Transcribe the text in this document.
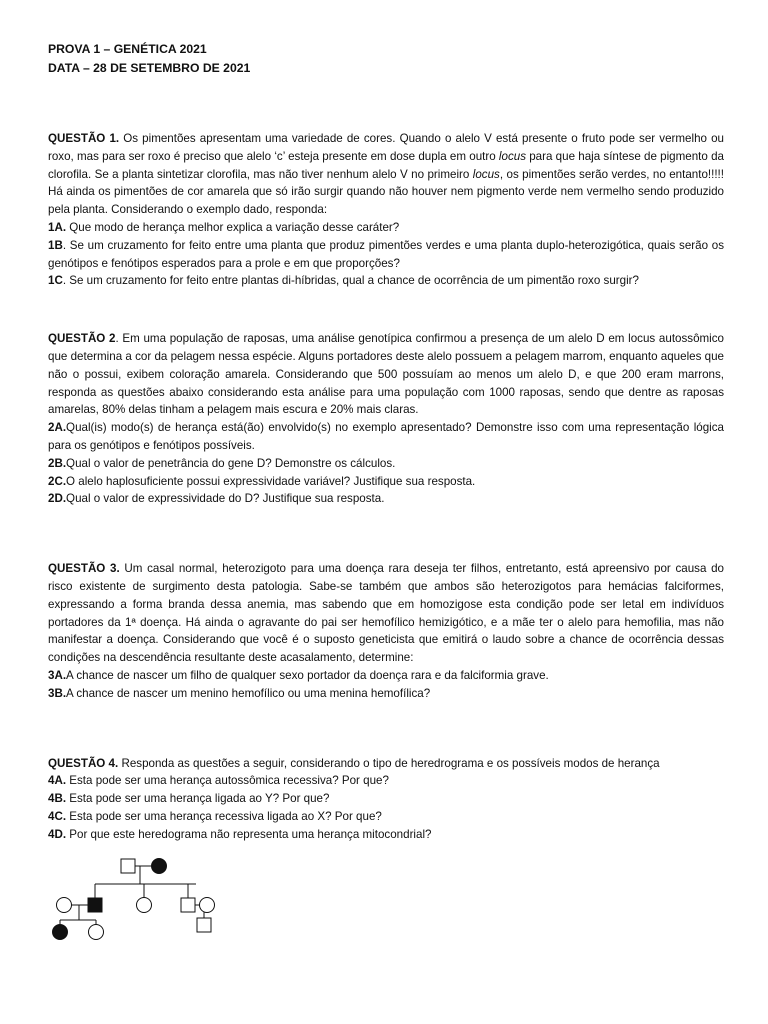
PROVA 1 – GENÉTICA 2021

DATA – 28 DE SETEMBRO DE 2021

QUESTÃO 1. Os pimentões apresentam uma variedade de cores. Quando o alelo V está presente o fruto pode ser vermelho ou roxo, mas para ser roxo é preciso que alelo ‘c’ esteja presente em dose dupla em outro locus para que haja síntese de pigmento da clorofila. Se a planta sintetizar clorofila, mas não tiver nenhum alelo V no primeiro locus, os pimentões serão verdes, no entanto!!!!! Há ainda os pimentões de cor amarela que só irão surgir quando não houver nem pigmento verde nem vermelho sendo produzido pela planta. Considerando o exemplo dado, responda:

1A. Que modo de herança melhor explica a variação desse caráter?

1B. Se um cruzamento for feito entre uma planta que produz pimentões verdes e uma planta duplo-heterozigótica, quais serão os genótipos e fenótipos esperados para a prole e em que proporções?

1C. Se um cruzamento for feito entre plantas di-híbridas, qual a chance de ocorrência de um pimentão roxo surgir?

QUESTÃO 2. Em uma população de raposas, uma análise genotípica confirmou a presença de um alelo D em locus autossômico que determina a cor da pelagem nessa espécie. Alguns portadores deste alelo possuem a pelagem marrom, enquanto aqueles que não o possui, exibem coloração amarela. Considerando que 500 possuíam ao menos um alelo D, e que 200 eram marrons, responda as questões abaixo considerando esta análise para uma população com 1000 raposas, sendo que dentre as raposas amarelas, 80% delas tinham a pelagem mais escura e 20% mais claras.

2A.Qual(is) modo(s) de herança está(ão) envolvido(s) no exemplo apresentado? Demonstre isso com uma representação lógica para os genótipos e fenótipos possíveis.

2B.Qual o valor de penetrância do gene D? Demonstre os cálculos.

2C.O alelo haplosuficiente possui expressividade variável? Justifique sua resposta.

2D.Qual o valor de expressividade do D? Justifique sua resposta.

QUESTÃO 3. Um casal normal, heterozigoto para uma doença rara deseja ter filhos, entretanto, está apreensivo por causa do risco existente de surgimento desta patologia. Sabe-se também que ambos são heterozigotos para hemácias falciformes, expressando a forma branda dessa anemia, mas sabendo que em homozigose esta condição pode ser letal em indivíduos portadores da 1ª doença. Há ainda o agravante do pai ser hemofílico hemizigótico, e a mãe ter o alelo para hemofilia, mas não manifestar a doença. Considerando que você é o suposto geneticista que emitirá o laudo sobre a chance de ocorrência dessas condições na descendência resultante deste acasalamento, determine:

3A.A chance de nascer um filho de qualquer sexo portador da doença rara e da falciformia grave.

3B.A chance de nascer um menino hemofílico ou uma menina hemofílica?

QUESTÃO 4. Responda as questões a seguir, considerando o tipo de heredrograma e os possíveis modos de herança

4A. Esta pode ser uma herança autossômica recessiva? Por que?

4B. Esta pode ser uma herança ligada ao Y? Por que?

4C. Esta pode ser uma herança recessiva ligada ao X? Por que?

4D. Por que este heredograma não representa uma herança mitocondrial?
